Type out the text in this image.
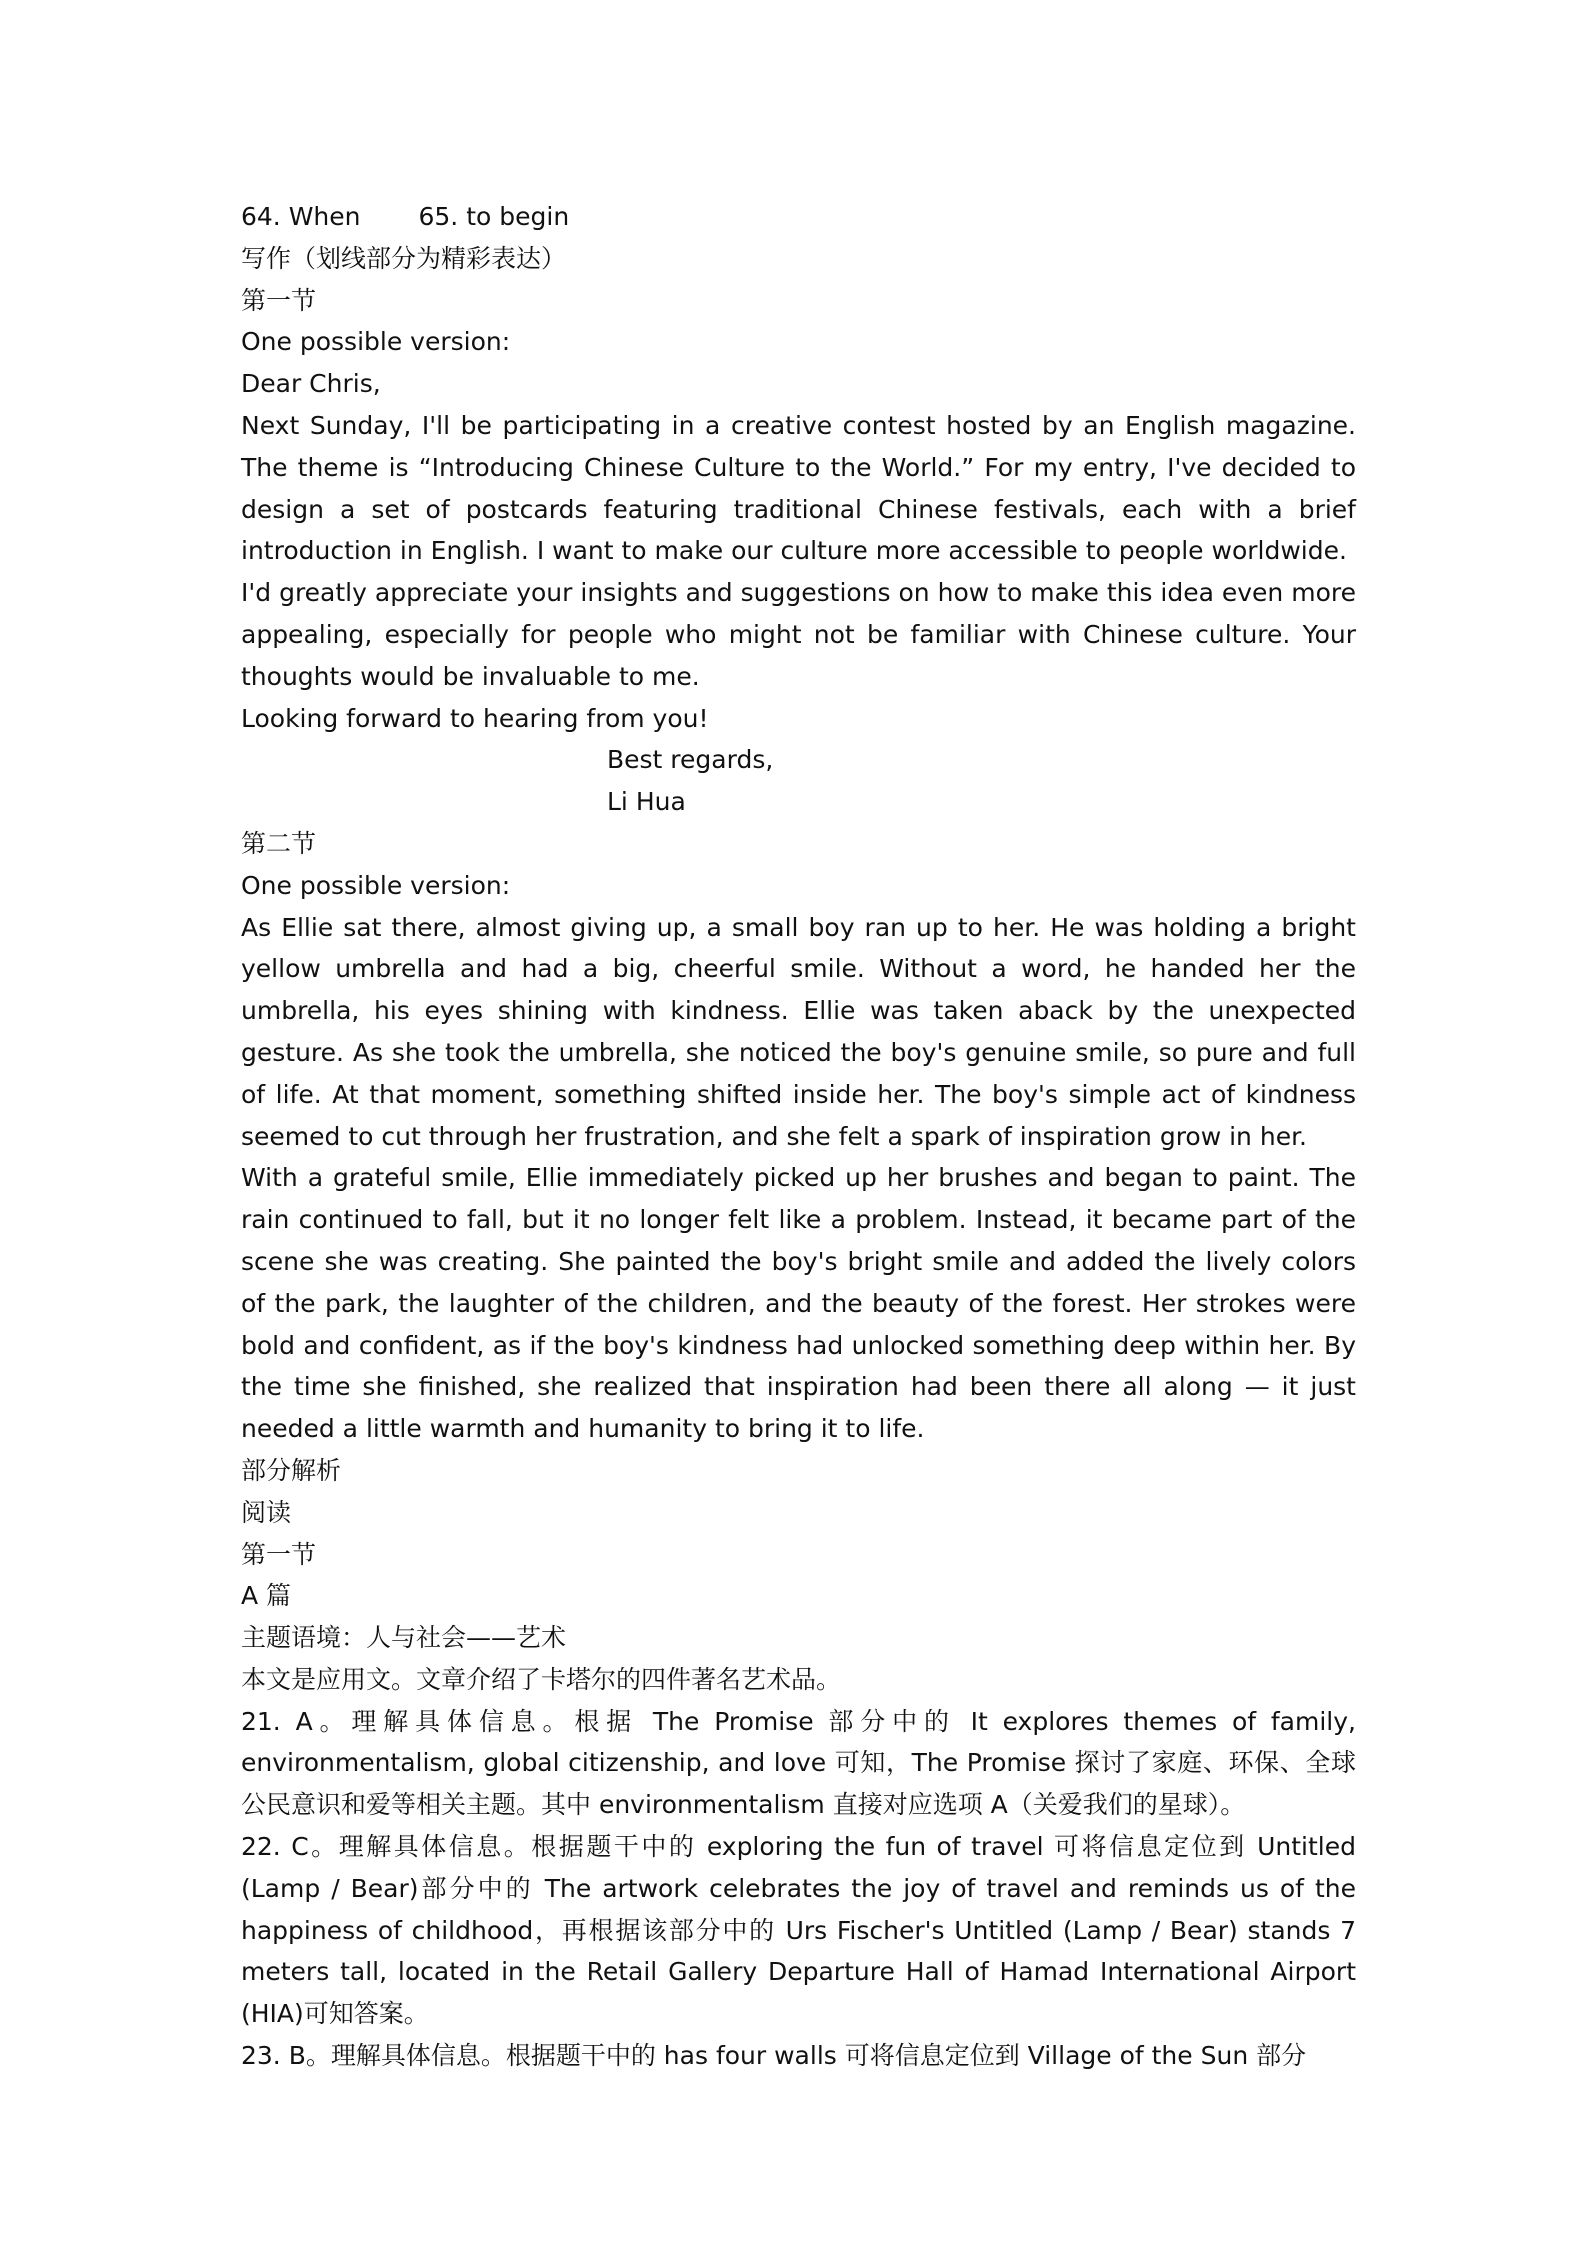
64. When 65. to begin
写作（划线部分为精彩表达）
第一节
One possible version:
Dear Chris,
Next Sunday, I'll be participating in a creative contest hosted by an English magazine. The theme is “Introducing Chinese Culture to the World.” For my entry, I've decided to design a set of postcards featuring traditional Chinese festivals, each with a brief introduction in English. I want to make our culture more accessible to people worldwide.
I'd greatly appreciate your insights and suggestions on how to make this idea even more appealing, especially for people who might not be familiar with Chinese culture. Your thoughts would be invaluable to me.
Looking forward to hearing from you!
Best regards,
Li Hua
第二节
One possible version:
As Ellie sat there, almost giving up, a small boy ran up to her. He was holding a bright yellow umbrella and had a big, cheerful smile. Without a word, he handed her the umbrella, his eyes shining with kindness. Ellie was taken aback by the unexpected gesture. As she took the umbrella, she noticed the boy's genuine smile, so pure and full of life. At that moment, something shifted inside her. The boy's simple act of kindness seemed to cut through her frustration, and she felt a spark of inspiration grow in her.
With a grateful smile, Ellie immediately picked up her brushes and began to paint. The rain continued to fall, but it no longer felt like a problem. Instead, it became part of the scene she was creating. She painted the boy's bright smile and added the lively colors of the park, the laughter of the children, and the beauty of the forest. Her strokes were bold and confident, as if the boy's kindness had unlocked something deep within her. By the time she finished, she realized that inspiration had been there all along — it just needed a little warmth and humanity to bring it to life.
部分解析
阅读
第一节
A 篇
主题语境：人与社会——艺术
本文是应用文。文章介绍了卡塔尔的四件著名艺术品。
21. A。理解具体信息。根据 The Promise 部分中的 It explores themes of family, environmentalism, global citizenship, and love 可知，The Promise 探讨了家庭、环保、全球公民意识和爱等相关主题。其中 environmentalism 直接对应选项 A（关爱我们的星球）。
22. C。理解具体信息。根据题干中的 exploring the fun of travel 可将信息定位到 Untitled (Lamp / Bear)部分中的 The artwork celebrates the joy of travel and reminds us of the happiness of childhood，再根据该部分中的 Urs Fischer's Untitled (Lamp / Bear) stands 7 meters tall, located in the Retail Gallery Departure Hall of Hamad International Airport (HIA)可知答案。
23. B。理解具体信息。根据题干中的 has four walls 可将信息定位到 Village of the Sun 部分
